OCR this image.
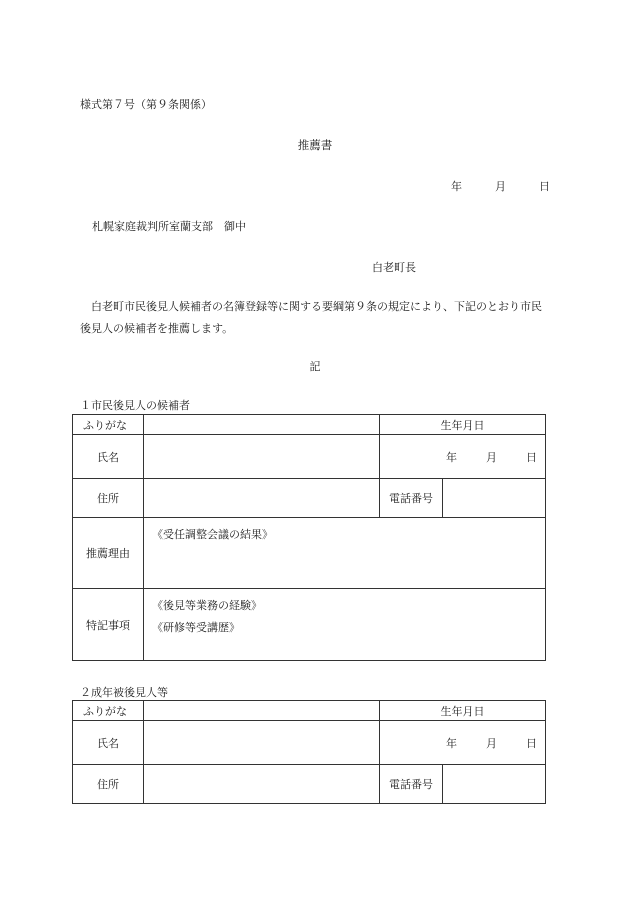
様式第７号（第９条関係）
推薦書
年	月	日
札幌家庭裁判所室蘭支部　御中
白老町長
白老町市民後見人候補者の名簿登録等に関する要綱第９条の規定により、下記のとおり市民後見人の候補者を推薦します。
記
１市民後見人の候補者
ふりがな		生年月日	
氏名		年 月 日	
住所		電話番号	
推薦理由	《受任調整会議の結果》		

特記事項	《後見等業務の経験》
《研修等受講歴》		
２成年被後見人等
ふりがな		生年月日	
氏名		年 月 日	
住所		電話番号	
